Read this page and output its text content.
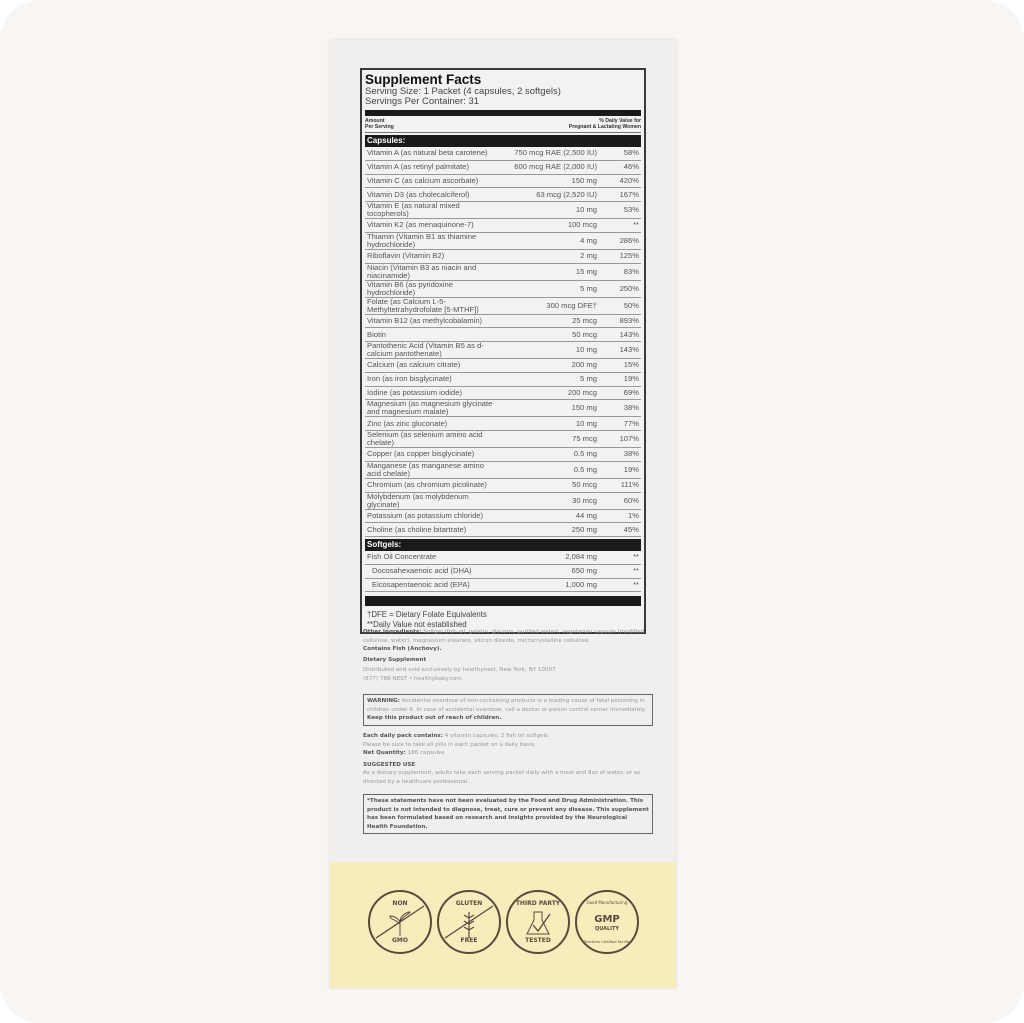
Supplement Facts
Serving Size: 1 Packet (4 capsules, 2 softgels)
Servings Per Container: 31
Amount
Per Serving
% Daily Value for
Pregnant & Lactating Women
Capsules:
Vitamin A (as natural beta carotene)	750 mcg RAE (2,500 IU)	58%
Vitamin A (as retinyl palmitate)	600 mcg RAE (2,000 IU)	46%
Vitamin C (as calcium ascorbate)	150 mg	420%
Vitamin D3 (as cholecalciferol)	63 mcg (2,520 IU)	167%
Vitamin E (as natural mixed tocopherols)	10 mg	53%
Vitamin K2 (as menaquinone-7)	100 mcg	**
Thiamin (Vitamin B1 as thiamine hydrochloride)	4 mg	286%
Riboflavin (Vitamin B2)	2 mg	125%
Niacin (Vitamin B3 as niacin and niacinamide)	15 mg	83%
Vitamin B6 (as pyridoxine hydrochloride)	5 mg	250%
Folate (as Calcium L-5-
Methyltetrahydrofolate [5-MTHF])	300 mcg DFE†	50%
Vitamin B12 (as methylcobalamin)	25 mcg	893%
Biotin	50 mcg	143%
Pantothenic Acid (Vitamin B5 as d-calcium pantothenate)	10 mg	143%
Calcium (as calcium citrate)	200 mg	15%
Iron (as iron bisglycinate)	5 mg	19%
Iodine (as potassium iodide)	200 mcg	69%
Magnesium (as magnesium glycinate
and magnesium malate)	150 mg	38%
Zinc (as zinc gluconate)	10 mg	77%
Selenium (as selenium amino acid chelate)	75 mcg	107%
Copper (as copper bisglycinate)	0.5 mg	38%
Manganese (as manganese amino acid chelate)	0.5 mg	19%
Chromium (as chromium picolinate)	50 mcg	111%
Molybdenum (as molybdenum glycinate)	30 mcg	60%
Potassium (as potassium chloride)	44 mg	1%
Choline (as choline bitartrate)	250 mg	45%
Softgels:
Fish Oil Concentrate	2,084 mg	**
Docosahexaenoic acid (DHA)	650 mg	**
Eicosapentaenoic acid (EPA)	1,000 mg	**
†DFE = Dietary Folate Equivalents
**Daily Value not established
Other Ingredients: Softgel (fish oil, gelatin, glycerin, purified water), vegetarian capsule (modified cellulose, water), magnesium stearate, silicon dioxide, microcrystalline cellulose.
Contains Fish (Anchovy).
Dietary Supplement
Distributed and sold exclusively by healthynest, New York, NY 10007
(877) 788-NEST • healthybaby.com
WARNING: Accidental overdose of iron-containing products is a leading cause of fatal poisoning in children under 6. In case of accidental overdose, call a doctor or poison control center immediately. Keep this product out of reach of children.
Each daily pack contains: 4 vitamin capsules, 2 fish oil softgels
Please be sure to take all pills in each packet on a daily basis.
Net Quantity: 186 capsules
SUGGESTED USE
As a dietary supplement, adults take each serving packet daily with a meal and 8oz of water, or as directed by a healthcare professional.
*These statements have not been evaluated by the Food and Drug Administration. This product is not intended to diagnose, treat, cure or prevent any disease. This supplement has been formulated based on research and insights provided by the Neurological Health Foundation.
NON
GMO
GLUTEN
FREE
THIRD PARTY
TESTED
Good Manufacturing
GMP
QUALITY
Practices Certified Facility
